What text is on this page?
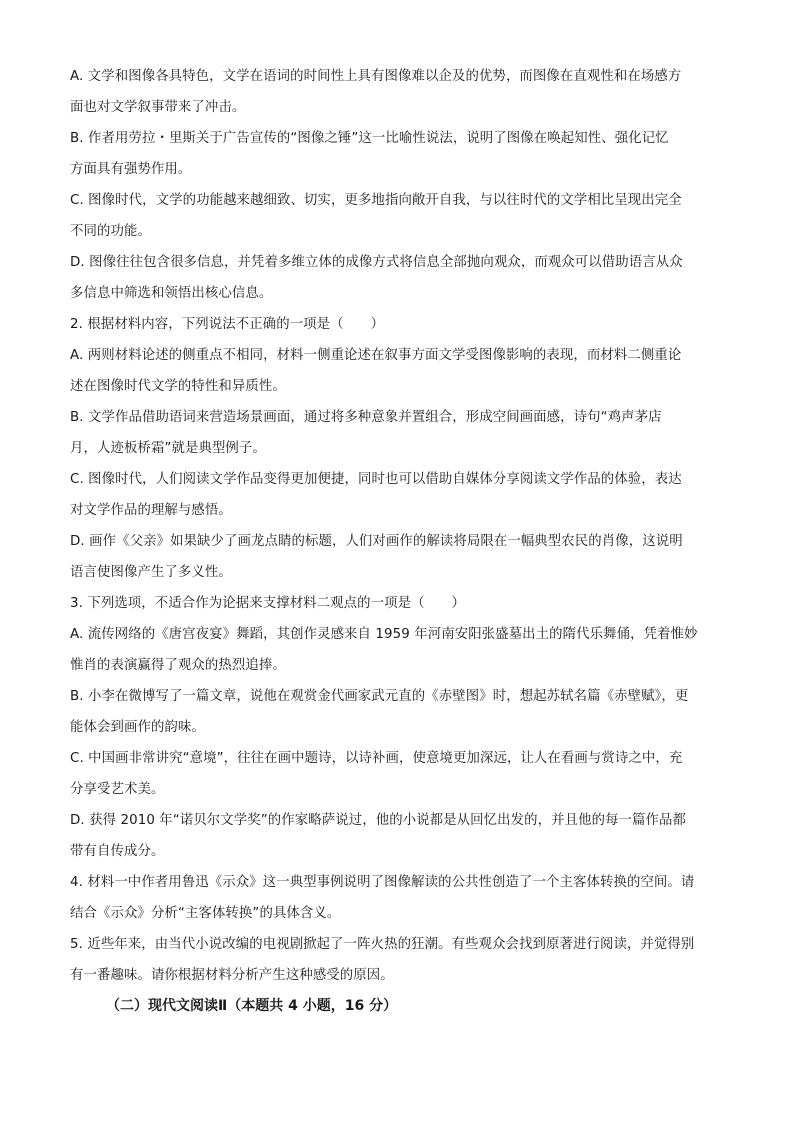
A. 文学和图像各具特色，文学在语词的时间性上具有图像难以企及的优势，而图像在直观性和在场感方
面也对文学叙事带来了冲击。
B. 作者用劳拉・里斯关于广告宣传的“图像之锤”这一比喻性说法，说明了图像在唤起知性、强化记忆
方面具有强势作用。
C. 图像时代，文学的功能越来越细致、切实，更多地指向敞开自我，与以往时代的文学相比呈现出完全
不同的功能。
D. 图像往往包含很多信息，并凭着多维立体的成像方式将信息全部抛向观众，而观众可以借助语言从众
多信息中筛选和领悟出核心信息。
2. 根据材料内容，下列说法不正确的一项是（　　）
A. 两则材料论述的侧重点不相同，材料一侧重论述在叙事方面文学受图像影响的表现，而材料二侧重论
述在图像时代文学的特性和异质性。
B. 文学作品借助语词来营造场景画面，通过将多种意象并置组合，形成空间画面感，诗句“鸡声茅店
月，人迹板桥霜”就是典型例子。
C. 图像时代，人们阅读文学作品变得更加便捷，同时也可以借助自媒体分享阅读文学作品的体验，表达
对文学作品的理解与感悟。
D. 画作《父亲》如果缺少了画龙点睛的标题，人们对画作的解读将局限在一幅典型农民的肖像，这说明
语言使图像产生了多义性。
3. 下列选项，不适合作为论据来支撑材料二观点的一项是（　　）
A. 流传网络的《唐宫夜宴》舞蹈，其创作灵感来自 1959 年河南安阳张盛墓出土的隋代乐舞俑，凭着惟妙
惟肖的表演赢得了观众的热烈追捧。
B. 小李在微博写了一篇文章，说他在观赏金代画家武元直的《赤壁图》时，想起苏轼名篇《赤壁赋》，更
能体会到画作的韵味。
C. 中国画非常讲究“意境”，往往在画中题诗，以诗补画，使意境更加深远，让人在看画与赏诗之中，充
分享受艺术美。
D. 获得 2010 年“诺贝尔文学奖”的作家略萨说过，他的小说都是从回忆出发的，并且他的每一篇作品都
带有自传成分。
4. 材料一中作者用鲁迅《示众》这一典型事例说明了图像解读的公共性创造了一个主客体转换的空间。请
结合《示众》分析“主客体转换”的具体含义。
5. 近些年来，由当代小说改编的电视剧掀起了一阵火热的狂潮。有些观众会找到原著进行阅读，并觉得别
有一番趣味。请你根据材料分析产生这种感受的原因。
（二）现代文阅读Ⅱ（本题共 4 小题，16 分）
